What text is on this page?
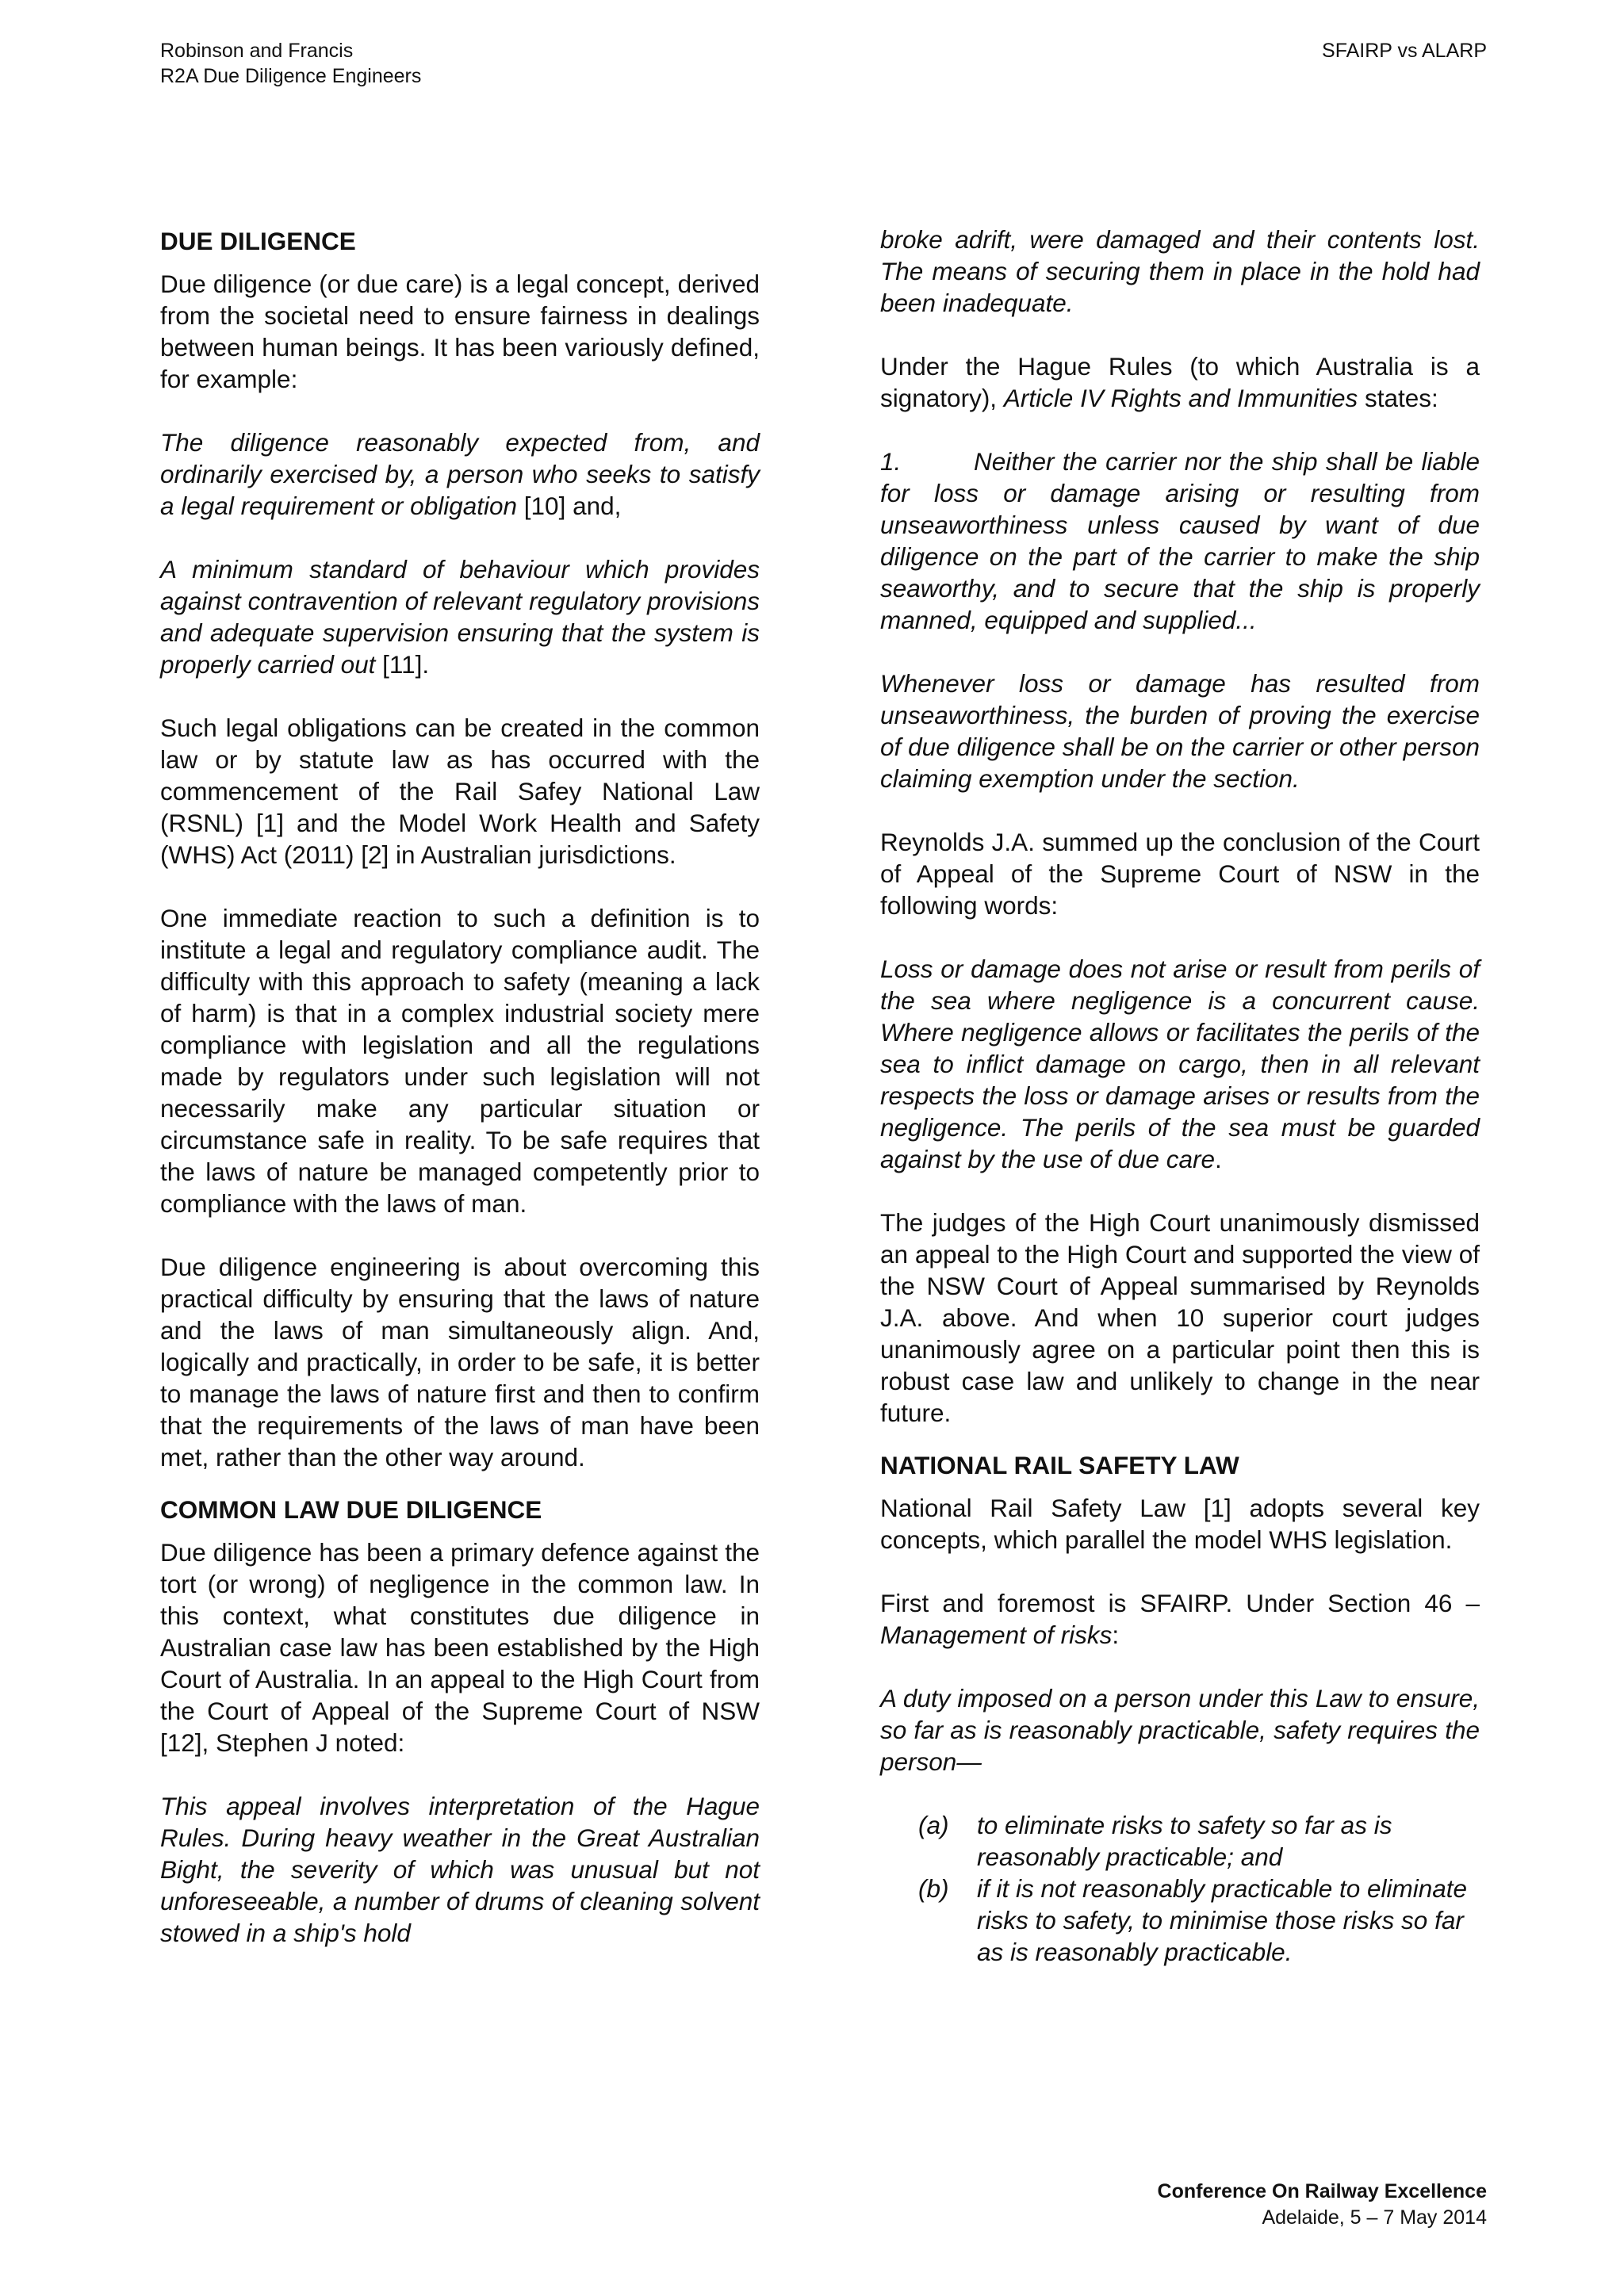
Robinson and Francis
R2A Due Diligence Engineers
SFAIRP vs ALARP
DUE DILIGENCE

Due diligence (or due care) is a legal concept, derived from the societal need to ensure fairness in dealings between human beings. It has been variously defined, for example:

The diligence reasonably expected from, and ordinarily exercised by, a person who seeks to satisfy a legal requirement or obligation [10] and,

A minimum standard of behaviour which provides against contravention of relevant regulatory provisions and adequate supervision ensuring that the system is properly carried out [11].

Such legal obligations can be created in the common law or by statute law as has occurred with the commencement of the Rail Safey National Law (RSNL) [1] and the Model Work Health and Safety (WHS) Act (2011) [2] in Australian jurisdictions.

One immediate reaction to such a definition is to institute a legal and regulatory compliance audit. The difficulty with this approach to safety (meaning a lack of harm) is that in a complex industrial society mere compliance with legislation and all the regulations made by regulators under such legislation will not necessarily make any particular situation or circumstance safe in reality. To be safe requires that the laws of nature be managed competently prior to compliance with the laws of man.

Due diligence engineering is about overcoming this practical difficulty by ensuring that the laws of nature and the laws of man simultaneously align. And, logically and practically, in order to be safe, it is better to manage the laws of nature first and then to confirm that the requirements of the laws of man have been met, rather than the other way around.

COMMON LAW DUE DILIGENCE

Due diligence has been a primary defence against the tort (or wrong) of negligence in the common law. In this context, what constitutes due diligence in Australian case law has been established by the High Court of Australia. In an appeal to the High Court from the Court of Appeal of the Supreme Court of NSW [12], Stephen J noted:

This appeal involves interpretation of the Hague Rules. During heavy weather in the Great Australian Bight, the severity of which was unusual but not unforeseeable, a number of drums of cleaning solvent stowed in a ship's hold

broke adrift, were damaged and their contents lost. The means of securing them in place in the hold had been inadequate.

Under the Hague Rules (to which Australia is a signatory), Article IV Rights and Immunities states:

1.	Neither the carrier nor the ship shall be liable for loss or damage arising or resulting from unseaworthiness unless caused by want of due diligence on the part of the carrier to make the ship seaworthy, and to secure that the ship is properly manned, equipped and supplied...

Whenever loss or damage has resulted from unseaworthiness, the burden of proving the exercise of due diligence shall be on the carrier or other person claiming exemption under the section.

Reynolds J.A. summed up the conclusion of the Court of Appeal of the Supreme Court of NSW in the following words:

Loss or damage does not arise or result from perils of the sea where negligence is a concurrent cause. Where negligence allows or facilitates the perils of the sea to inflict damage on cargo, then in all relevant respects the loss or damage arises or results from the negligence. The perils of the sea must be guarded against by the use of due care.

The judges of the High Court unanimously dismissed an appeal to the High Court and supported the view of the NSW Court of Appeal summarised by Reynolds J.A. above. And when 10 superior court judges unanimously agree on a particular point then this is robust case law and unlikely to change in the near future.

NATIONAL RAIL SAFETY LAW

National Rail Safety Law [1] adopts several key concepts, which parallel the model WHS legislation.

First and foremost is SFAIRP. Under Section 46 – Management of risks:

A duty imposed on a person under this Law to ensure, so far as is reasonably practicable, safety requires the person—

(a)	to eliminate risks to safety so far as is reasonably practicable; and
(b)	if it is not reasonably practicable to eliminate risks to safety, to minimise those risks so far as is reasonably practicable.
Conference On Railway Excellence
Adelaide, 5 – 7 May 2014
